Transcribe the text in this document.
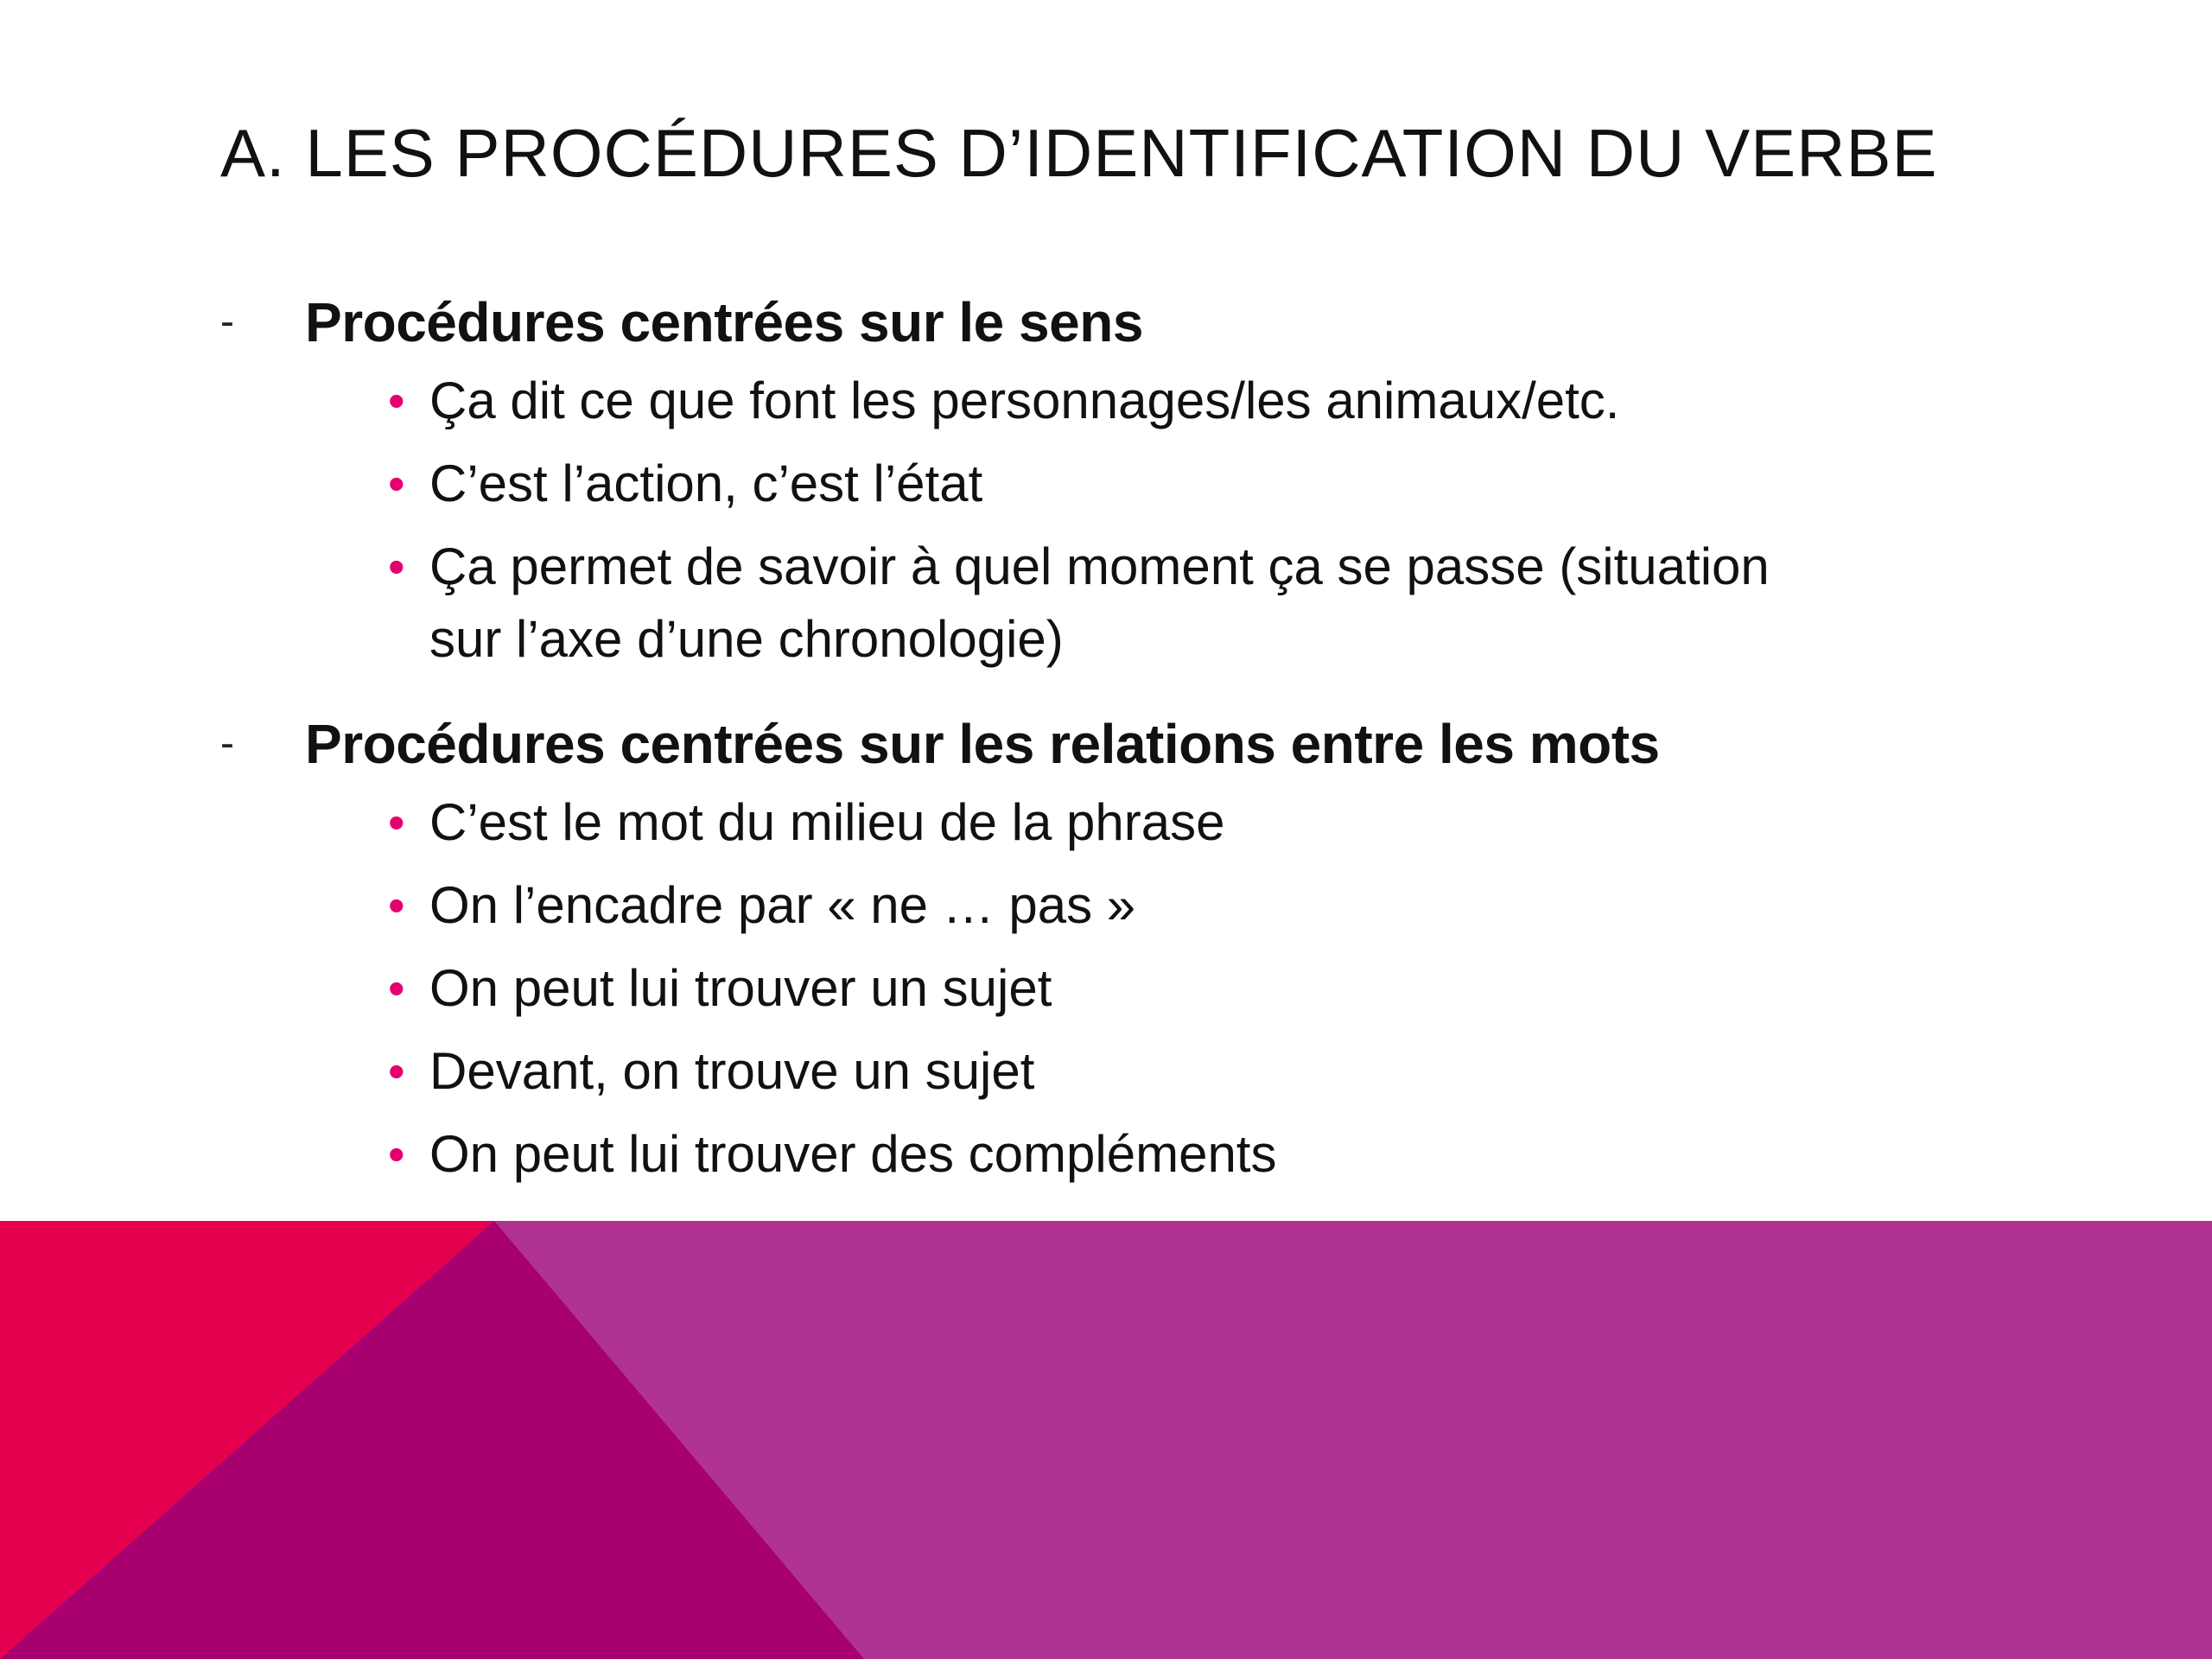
A. LES PROCÉDURES D’IDENTIFICATION DU VERBE
- Procédures centrées sur le sens
• Ça dit ce que font les personnages/les animaux/etc.
• C’est l’action, c’est l’état
• Ça permet de savoir à quel moment ça se passe (situation sur l’axe d’une chronologie)
- Procédures centrées sur les relations entre les mots
• C’est le mot du milieu de la phrase
• On l’encadre par « ne … pas »
• On peut lui trouver un sujet
• Devant, on trouve un sujet
• On peut lui trouver des compléments
